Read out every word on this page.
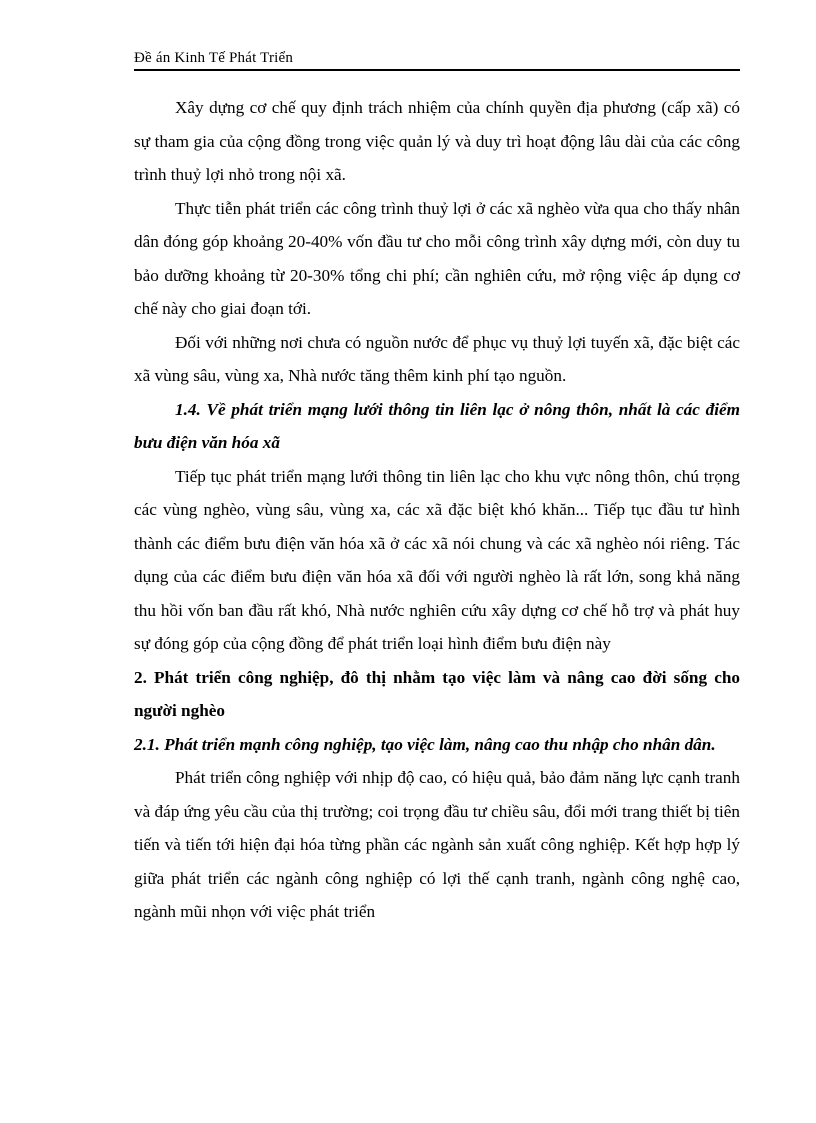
Đề án Kinh Tế Phát Triển

Xây dựng cơ chế quy định trách nhiệm của chính quyền địa phương (cấp xã) có sự tham gia của cộng đồng trong việc quản lý và duy trì hoạt động lâu dài của các công trình thuỷ lợi nhỏ trong nội xã.

Thực tiễn phát triển các công trình thuỷ lợi ở các xã nghèo vừa qua cho thấy nhân dân đóng góp khoảng 20-40% vốn đầu tư cho mỗi công trình xây dựng mới, còn duy tu bảo dưỡng khoảng từ 20-30% tổng chi phí; cần nghiên cứu, mở rộng việc áp dụng cơ chế này cho giai đoạn tới.

Đối với những nơi chưa có nguồn nước để phục vụ thuỷ lợi tuyến xã, đặc biệt các xã vùng sâu, vùng xa, Nhà nước tăng thêm kinh phí tạo nguồn.

1.4. Về phát triển mạng lưới thông tin liên lạc ở nông thôn, nhất là các điểm bưu điện văn hóa xã

Tiếp tục phát triển mạng lưới thông tin liên lạc cho khu vực nông thôn, chú trọng các vùng nghèo, vùng sâu, vùng xa, các xã đặc biệt khó khăn... Tiếp tục đầu tư hình thành các điểm bưu điện văn hóa xã ở các xã nói chung và các xã nghèo nói riêng. Tác dụng của các điểm bưu điện văn hóa xã đối với người nghèo là rất lớn, song khả năng thu hồi vốn ban đầu rất khó, Nhà nước nghiên cứu xây dựng cơ chế hỗ trợ và phát huy sự đóng góp của cộng đồng để phát triển loại hình điểm bưu điện này

2. Phát triển công nghiệp, đô thị nhằm tạo việc làm và nâng cao đời sống cho người nghèo

2.1. Phát triển mạnh công nghiệp, tạo việc làm, nâng cao thu nhập cho nhân dân.

Phát triển công nghiệp với nhịp độ cao, có hiệu quả, bảo đảm năng lực cạnh tranh và đáp ứng yêu cầu của thị trường; coi trọng đầu tư chiều sâu, đổi mới trang thiết bị tiên tiến và tiến tới hiện đại hóa từng phần các ngành sản xuất công nghiệp. Kết hợp hợp lý giữa phát triển các ngành công nghiệp có lợi thế cạnh tranh, ngành công nghệ cao, ngành mũi nhọn với việc phát triển
